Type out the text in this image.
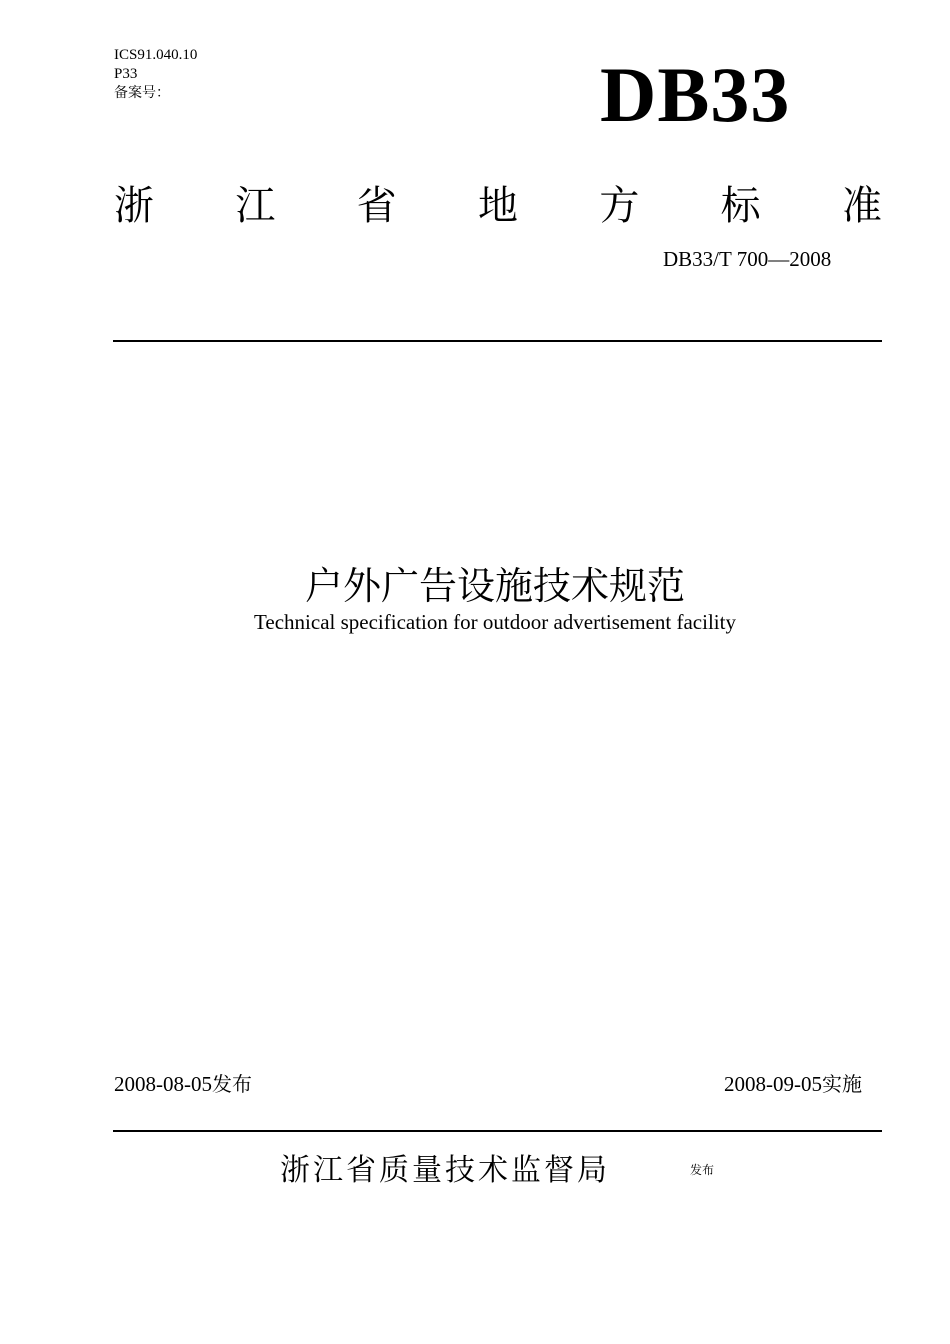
ICS91.040.10
P33
备案号：	DB33
浙 江 省 地 方 标 准
DB33/T 700—2008
户外广告设施技术规范
Technical specification for outdoor advertisement facility
2008-08-05发布	2008-09-05实施
浙江省质量技术监督局	发布
